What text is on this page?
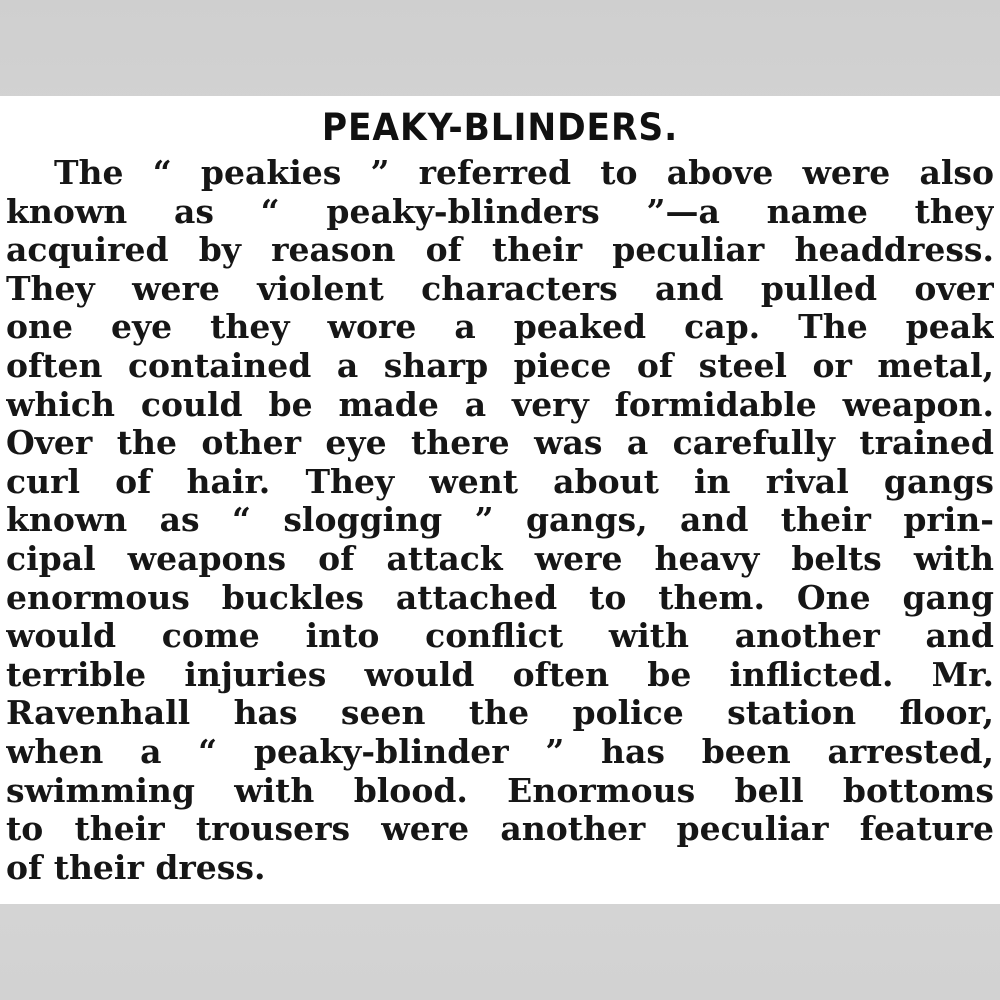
PEAKY-BLINDERS.
The “ peakies ” referred to above were also
known as “ peaky-blinders ”—a name they
acquired by reason of their peculiar headdress.
They were violent characters and pulled over
one eye they wore a peaked cap. The peak
often contained a sharp piece of steel or metal,
which could be made a very formidable weapon.
Over the other eye there was a carefully trained
curl of hair. They went about in rival gangs
known as “ slogging ” gangs, and their prin-
cipal weapons of attack were heavy belts with
enormous buckles attached to them. One gang
would come into conflict with another and
terrible injuries would often be inflicted. Mr.
Ravenhall has seen the police station floor,
when a “ peaky-blinder ” has been arrested,
swimming with blood. Enormous bell bottoms
to their trousers were another peculiar feature
of their dress.
